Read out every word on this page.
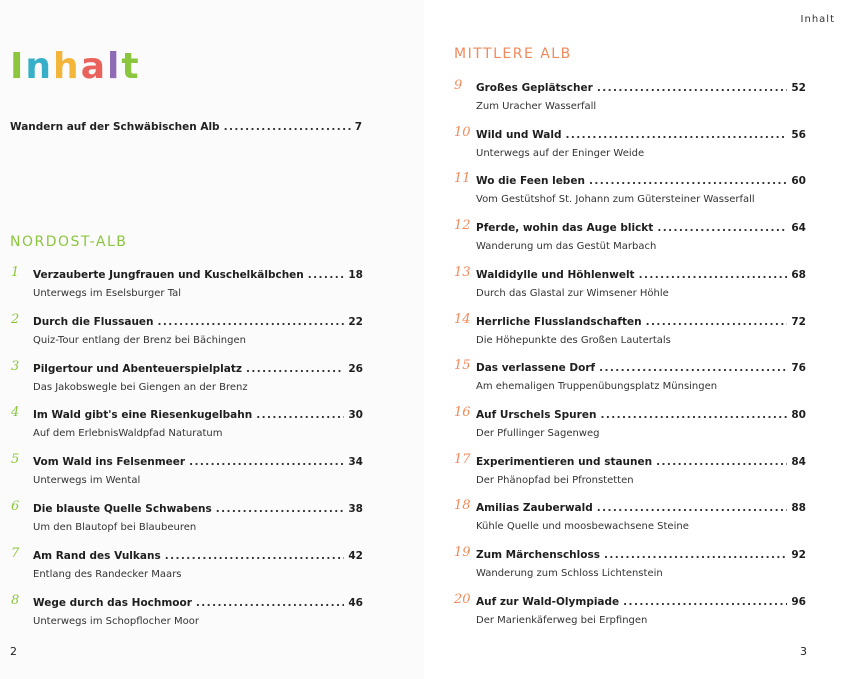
Inhalt
Wandern auf der Schwäbischen Alb .....	7
NORDOST-ALB
1 Verzauberte Jungfrauen und Kuschelkälbchen .....	18
Unterwegs im Eselsburger Tal
2 Durch die Flussauen .....	22
Quiz-Tour entlang der Brenz bei Bächingen
3 Pilgertour und Abenteuerspielplatz .....	26
Das Jakobswegle bei Giengen an der Brenz
4 Im Wald gibt's eine Riesenkugelbahn .....	30
Auf dem ErlebnisWaldpfad Naturatum
5 Vom Wald ins Felsenmeer .....	34
Unterwegs im Wental
6 Die blauste Quelle Schwabens .....	38
Um den Blautopf bei Blaubeuren
7 Am Rand des Vulkans .....	42
Entlang des Randecker Maars
8 Wege durch das Hochmoor .....	46
Unterwegs im Schopflocher Moor
2
Inhalt
MITTLERE ALB
9 Großes Geplätscher .....	52
Zum Uracher Wasserfall
10 Wild und Wald .....	56
Unterwegs auf der Eninger Weide
11 Wo die Feen leben .....	60
Vom Gestütshof St. Johann zum Gütersteiner Wasserfall
12 Pferde, wohin das Auge blickt .....	64
Wanderung um das Gestüt Marbach
13 Waldidylle und Höhlenwelt .....	68
Durch das Glastal zur Wimsener Höhle
14 Herrliche Flusslandschaften .....	72
Die Höhepunkte des Großen Lautertals
15 Das verlassene Dorf .....	76
Am ehemaligen Truppenübungsplatz Münsingen
16 Auf Urschels Spuren .....	80
Der Pfullinger Sagenweg
17 Experimentieren und staunen .....	84
Der Phänopfad bei Pfronstetten
18 Amilias Zauberwald .....	88
Kühle Quelle und moosbewachsene Steine
19 Zum Märchenschloss .....	92
Wanderung zum Schloss Lichtenstein
20 Auf zur Wald-Olympiade .....	96
Der Marienkäferweg bei Erpfingen
3
